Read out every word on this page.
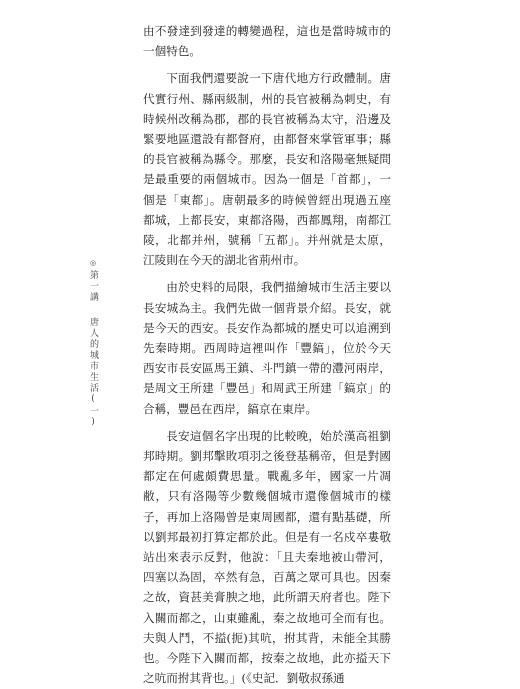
由不發達到發達的轉變過程，這也是當時城市的一個特色。

下面我們還要說一下唐代地方行政體制。唐代實行州、縣兩級制，州的長官被稱為刺史，有時候州改稱為郡，郡的長官被稱為太守，沿邊及緊要地區還設有都督府，由都督來掌管軍事；縣的長官被稱為縣令。那麼，長安和洛陽毫無疑問是最重要的兩個城市。因為一個是「首都」，一個是「東都」。唐朝最多的時候曾經出現過五座都城，上都長安，東都洛陽，西都鳳翔，南都江陵，北都并州，號稱「五都」。并州就是太原，江陵則在今天的湖北省荊州市。

由於史料的局限，我們描繪城市生活主要以長安城為主。我們先做一個背景介紹。長安，就是今天的西安。長安作為都城的歷史可以追溯到先秦時期。西周時這裡叫作「豐鎬」，位於今天西安市長安區馬王鎮、斗門鎮一帶的灃河兩岸，是周文王所建「豐邑」和周武王所建「鎬京」的合稱，豐邑在西岸，鎬京在東岸。

長安這個名字出現的比較晚，始於漢高祖劉邦時期。劉邦擊敗項羽之後登基稱帝，但是對國都定在何處頗費思量。戰亂多年，國家一片凋敝，只有洛陽等少數幾個城市還像個城市的樣子，再加上洛陽曾是東周國都，還有點基礎，所以劉邦最初打算定都於此。但是有一名戍卒婁敬站出來表示反對，他說：「且夫秦地被山帶河，四塞以為固，卒然有急，百萬之眾可具也。因秦之故，資甚美膏腴之地，此所謂天府者也。陛下入關而都之，山東雖亂，秦之故地可全而有也。夫與人鬥，不搤(扼)其吭，拊其背，未能全其勝也。今陛下入關而都，按秦之故地，此亦搤天下之吭而拊其背也。」(《史記．劉敬叔孫通

◎
第一講
唐人的城市生活
(一)
